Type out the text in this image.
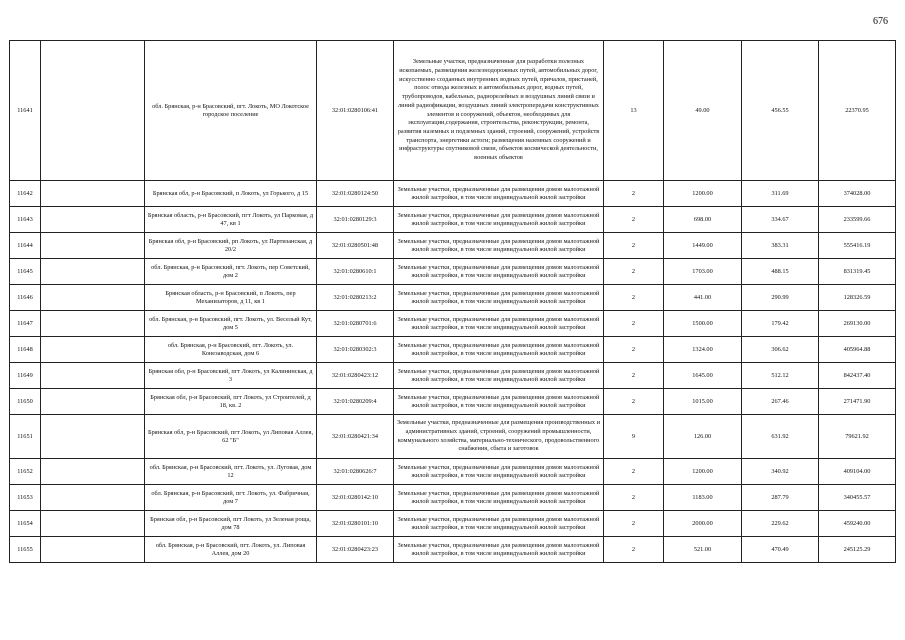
676
11641		обл. Брянская, р-н Брасовский, пгт. Локоть, МО Локотское городское поселение	32:01:0280106:41	Земельные участки, предназначенные для разработки полезных ископаемых, размещения железнодорожных путей, автомобильных дорог, искусственно созданных внутренних водных путей, причалов, пристаней, полос отвода железных и автомобильных дорог, водных путей, трубопроводов, кабельных, радиорелейных и воздушных линий связи и линий радиофикации, воздушных линий электропередачи конструктивных элементов и сооружений, объектов, необходимых для эксплуатации,содержания, строительства, реконструкции, ремонта, развития наземных и подземных зданий, строений, сооружений, устройств транспорта, энергетики астоги; размещения наземных сооружений и инфраструктуры спутниковой связи, объектов космической деятельности, военных объектов	13	49.00	456.55	22370.95
11642		Брянская обл, р-н Брасовский, п Локоть, ул Горького, д 15	32:01:0280124:50	Земельные участки, предназначенные для размещения домов малоэтажной жилой застройки, в том числе индивидуальной жилой застройки	2	1200.00	311.69	374028.00
11643		Брянская область, р-н Брасовский, пгт Локоть, ул Парковая, д 47, кв 1	32:01:0280129:3	Земельные участки, предназначенные для размещения домов малоэтажной жилой застройки, в том числе индивидуальной жилой застройки	2	698.00	334.67	233599.66
11644		Брянская обл, р-н Брасовский, рп Локоть, ул Партизанская, д 20/2	32:01:0280501:48	Земельные участки, предназначенные для размещения домов малоэтажной жилой застройки, в том числе индивидуальной жилой застройки	2	1449.00	383.31	555416.19
11645		обл. Брянская, р-н Брасовский, пгт. Локоть, пер Советский, дом 2	32:01:0280610:1	Земельные участки, предназначенные для размещения домов малоэтажной жилой застройки, в том числе индивидуальной жилой застройки	2	1703.00	488.15	831319.45
11646		Брянская область, р-н Брасовский, п Локоть, пер Механизаторов, д 11, кв 1	32:01:0280213:2	Земельные участки, предназначенные для размещения домов малоэтажной жилой застройки, в том числе индивидуальной жилой застройки	2	441.00	290.99	128326.59
11647		обл. Брянская, р-н Брасовский, пгт. Локоть, ул. Веселый Кут, дом 5	32:01:0280701:6	Земельные участки, предназначенные для размещения домов малоэтажной жилой застройки, в том числе индивидуальной жилой застройки	2	1500.00	179.42	269130.00
11648		обл. Брянская, р-н Брасовский, пгт. Локоть, ул. Конезаводская, дом 6	32:01:0280302:3	Земельные участки, предназначенные для размещения домов малоэтажной жилой застройки, в том числе индивидуальной жилой застройки	2	1324.00	306.62	405964.88
11649		Брянская обл, р-н Брасовский, пгт Локоть, ул Калининская, д 3	32:01:0280423:12	Земельные участки, предназначенные для размещения домов малоэтажной жилой застройки, в том числе индивидуальной жилой застройки	2	1645.00	512.12	842437.40
11650		Брянская обл, р-н Брасовский, пгт Локоть, ул Строителей, д 18, кв. 2	32:01:0280209:4	Земельные участки, предназначенные для размещения домов малоэтажной жилой застройки, в том числе индивидуальной жилой застройки	2	1015.00	267.46	271471.90
11651		Брянская обл, р-н Брасовский, пгт Локоть, ул Липовая Аллея, 62 "Б"	32:01:0280421:34	Земельные участки, предназначенные для размещения производственных и административных зданий, строений, сооружений промышленности, коммунального хозяйства, материально-технического, продовольственного снабжения, сбыта и заготовок	9	126.00	631.92	79621.92
11652		обл. Брянская, р-н Брасовский, пгт. Локоть, ул. Луговая, дом 12	32:01:0280626:7	Земельные участки, предназначенные для размещения домов малоэтажной жилой застройки, в том числе индивидуальной жилой застройки	2	1200.00	340.92	409104.00
11653		обл. Брянская, р-н Брасовский, пгт. Локоть, ул. Фабричная, дом 7	32:01:0280142:10	Земельные участки, предназначенные для размещения домов малоэтажной жилой застройки, в том числе индивидуальной жилой застройки	2	1183.00	287.79	340455.57
11654		Брянская обл, р-н Брасовский, пгт Локоть, ул Зеленая роща, дом 78	32:01:0280101:10	Земельные участки, предназначенные для размещения домов малоэтажной жилой застройки, в том числе индивидуальной жилой застройки	2	2000.00	229.62	459240.00
11655		обл. Брянская, р-н Брасовский, пгт. Локоть, ул. Липовая Аллея, дом 20	32:01:0280423:23	Земельные участки, предназначенные для размещения домов малоэтажной жилой застройки, в том числе индивидуальной жилой застройки	2	521.00	470.49	245125.29
